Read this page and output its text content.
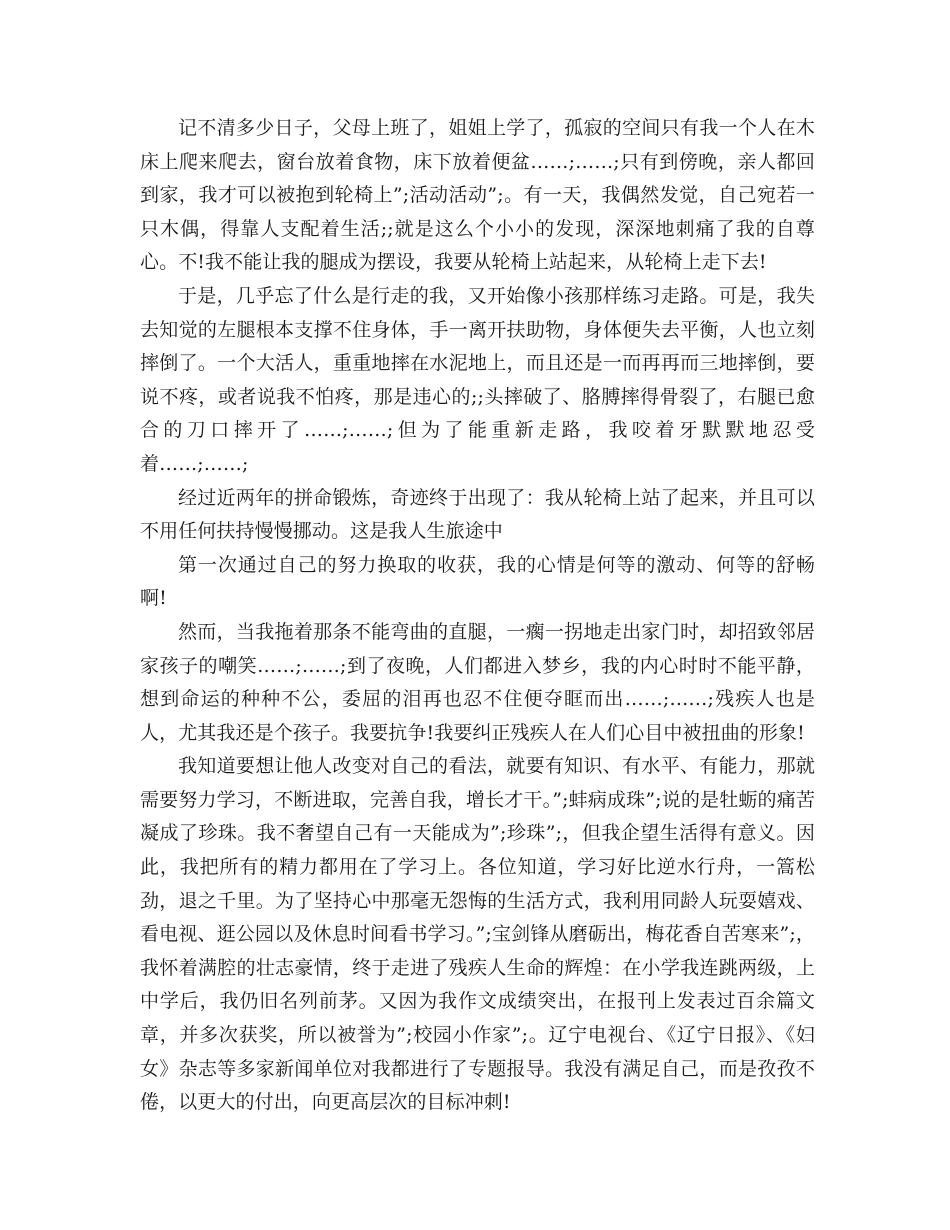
记不清多少日子，父母上班了，姐姐上学了，孤寂的空间只有我一个人在木床上爬来爬去，窗台放着食物，床下放着便盆……;……;只有到傍晚，亲人都回到家，我才可以被抱到轮椅上”;活动活动”;。有一天，我偶然发觉，自己宛若一只木偶，得靠人支配着生活;;就是这么个小小的发现，深深地刺痛了我的自尊心。不!我不能让我的腿成为摆设，我要从轮椅上站起来，从轮椅上走下去!

于是，几乎忘了什么是行走的我，又开始像小孩那样练习走路。可是，我失去知觉的左腿根本支撑不住身体，手一离开扶助物，身体便失去平衡，人也立刻摔倒了。一个大活人，重重地摔在水泥地上，而且还是一而再再而三地摔倒，要说不疼，或者说我不怕疼，那是违心的;;头摔破了、胳膊摔得骨裂了，右腿已愈合的刀口摔开了……;……;但为了能重新走路，我咬着牙默默地忍受着……;……;

经过近两年的拼命锻炼，奇迹终于出现了：我从轮椅上站了起来，并且可以不用任何扶持慢慢挪动。这是我人生旅途中

第一次通过自己的努力换取的收获，我的心情是何等的激动、何等的舒畅啊!

然而，当我拖着那条不能弯曲的直腿，一瘸一拐地走出家门时，却招致邻居家孩子的嘲笑……;……;到了夜晚，人们都进入梦乡，我的内心时时不能平静，想到命运的种种不公，委屈的泪再也忍不住便夺眶而出……;……;残疾人也是人，尤其我还是个孩子。我要抗争!我要纠正残疾人在人们心目中被扭曲的形象!

我知道要想让他人改变对自己的看法，就要有知识、有水平、有能力，那就需要努力学习，不断进取，完善自我，增长才干。”;蚌病成珠”;说的是牡蛎的痛苦凝成了珍珠。我不奢望自己有一天能成为”;珍珠”;，但我企望生活得有意义。因此，我把所有的精力都用在了学习上。各位知道，学习好比逆水行舟，一篙松劲，退之千里。为了坚持心中那毫无怨悔的生活方式，我利用同龄人玩耍嬉戏、看电视、逛公园以及休息时间看书学习。”;宝剑锋从磨砺出，梅花香自苦寒来”;，我怀着满腔的壮志豪情，终于走进了残疾人生命的辉煌：在小学我连跳两级，上中学后，我仍旧名列前茅。又因为我作文成绩突出，在报刊上发表过百余篇文章，并多次获奖，所以被誉为”;校园小作家”;。辽宁电视台、《辽宁日报》、《妇女》杂志等多家新闻单位对我都进行了专题报导。我没有满足自己，而是孜孜不倦，以更大的付出，向更高层次的目标冲刺!
